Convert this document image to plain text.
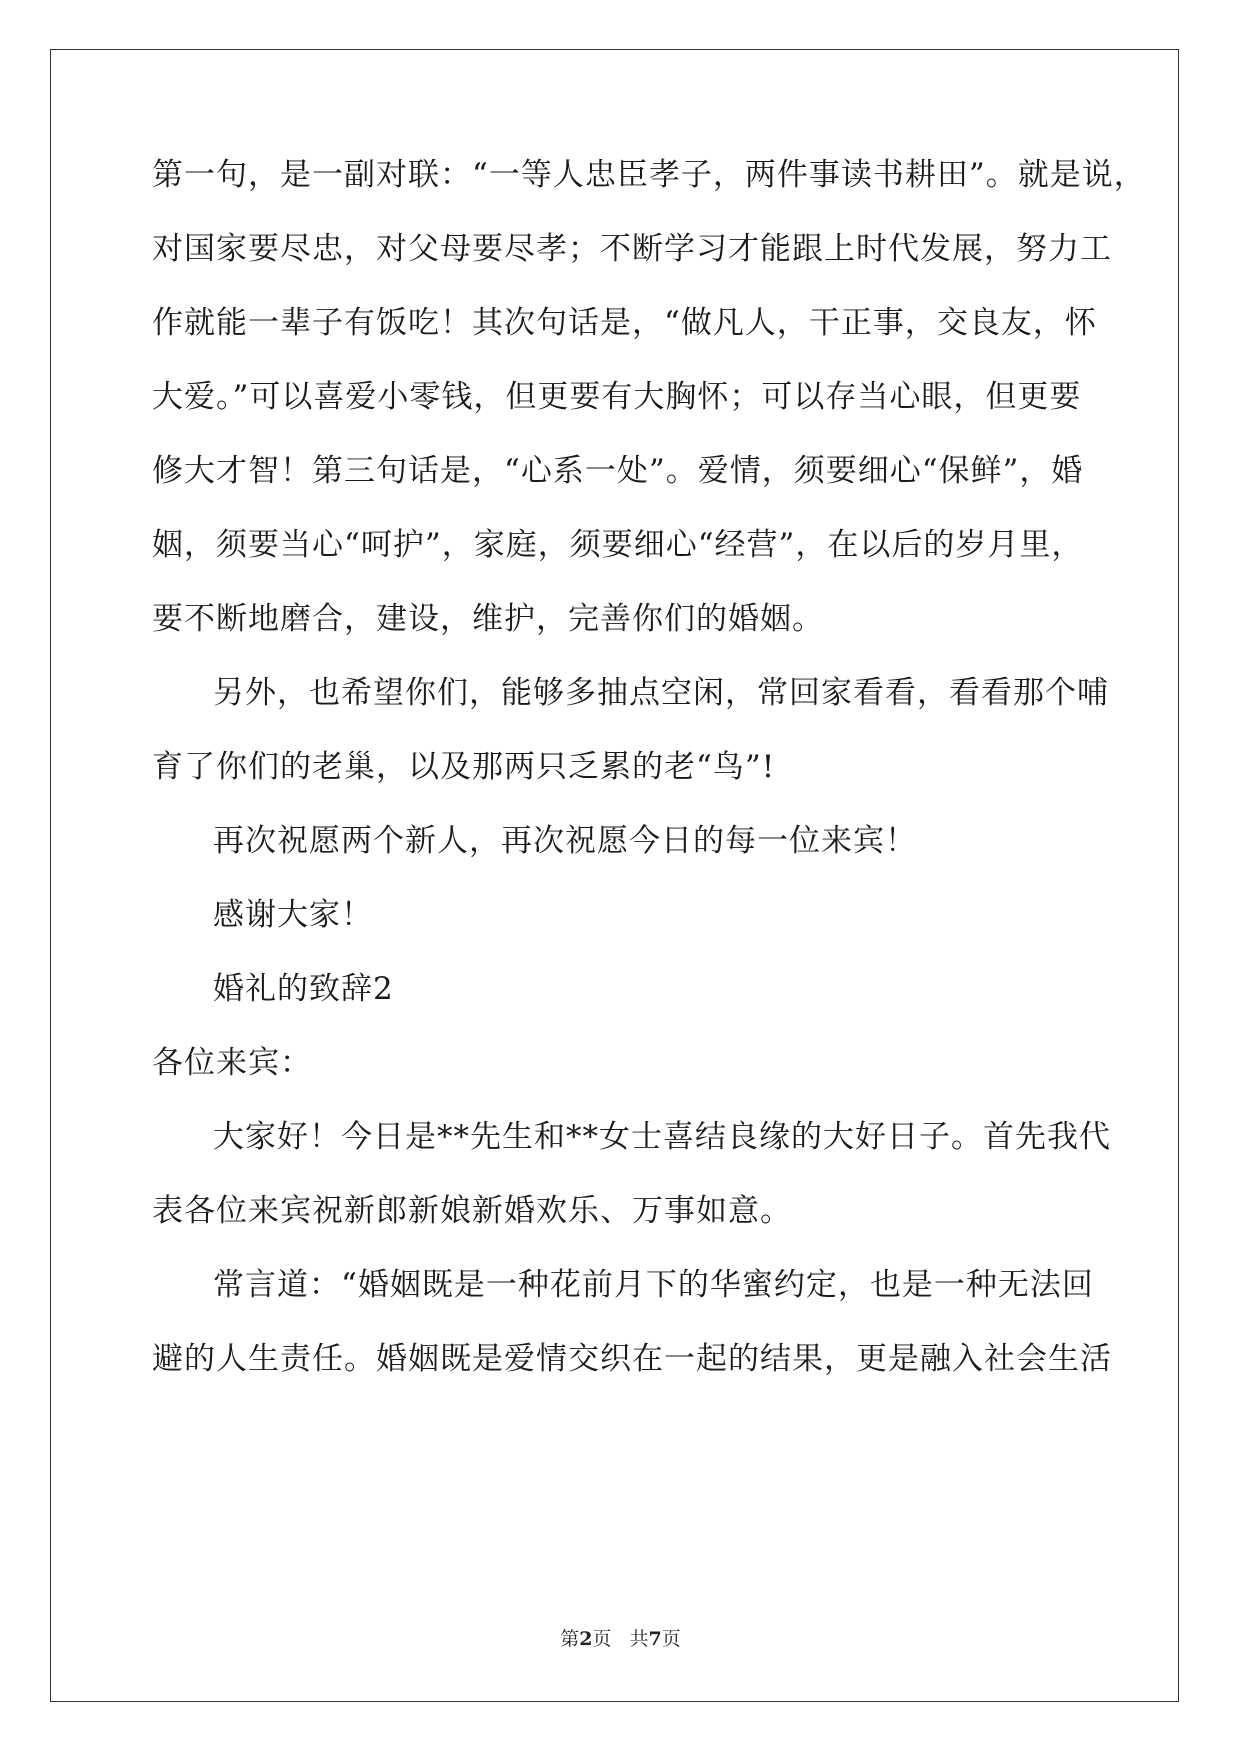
第一句，是一副对联：“一等人忠臣孝子，两件事读书耕田”。就是说，
对国家要尽忠，对父母要尽孝；不断学习才能跟上时代发展，努力工
作就能一辈子有饭吃！其次句话是，“做凡人，干正事，交良友，怀
大爱。”可以喜爱小零钱，但更要有大胸怀；可以存当心眼，但更要
修大才智！第三句话是，“心系一处”。爱情，须要细心“保鲜”，婚
姻，须要当心“呵护”，家庭，须要细心“经营”，在以后的岁月里，
要不断地磨合，建设，维护，完善你们的婚姻。
另外，也希望你们，能够多抽点空闲，常回家看看，看看那个哺
育了你们的老巢，以及那两只乏累的老“鸟”!
再次祝愿两个新人，再次祝愿今日的每一位来宾！
感谢大家！
婚礼的致辞2
各位来宾：
大家好！今日是**先生和**女士喜结良缘的大好日子。首先我代
表各位来宾祝新郎新娘新婚欢乐、万事如意。
常言道：“婚姻既是一种花前月下的华蜜约定，也是一种无法回
避的人生责任。婚姻既是爱情交织在一起的结果，更是融入社会生活
第2页 共7页
